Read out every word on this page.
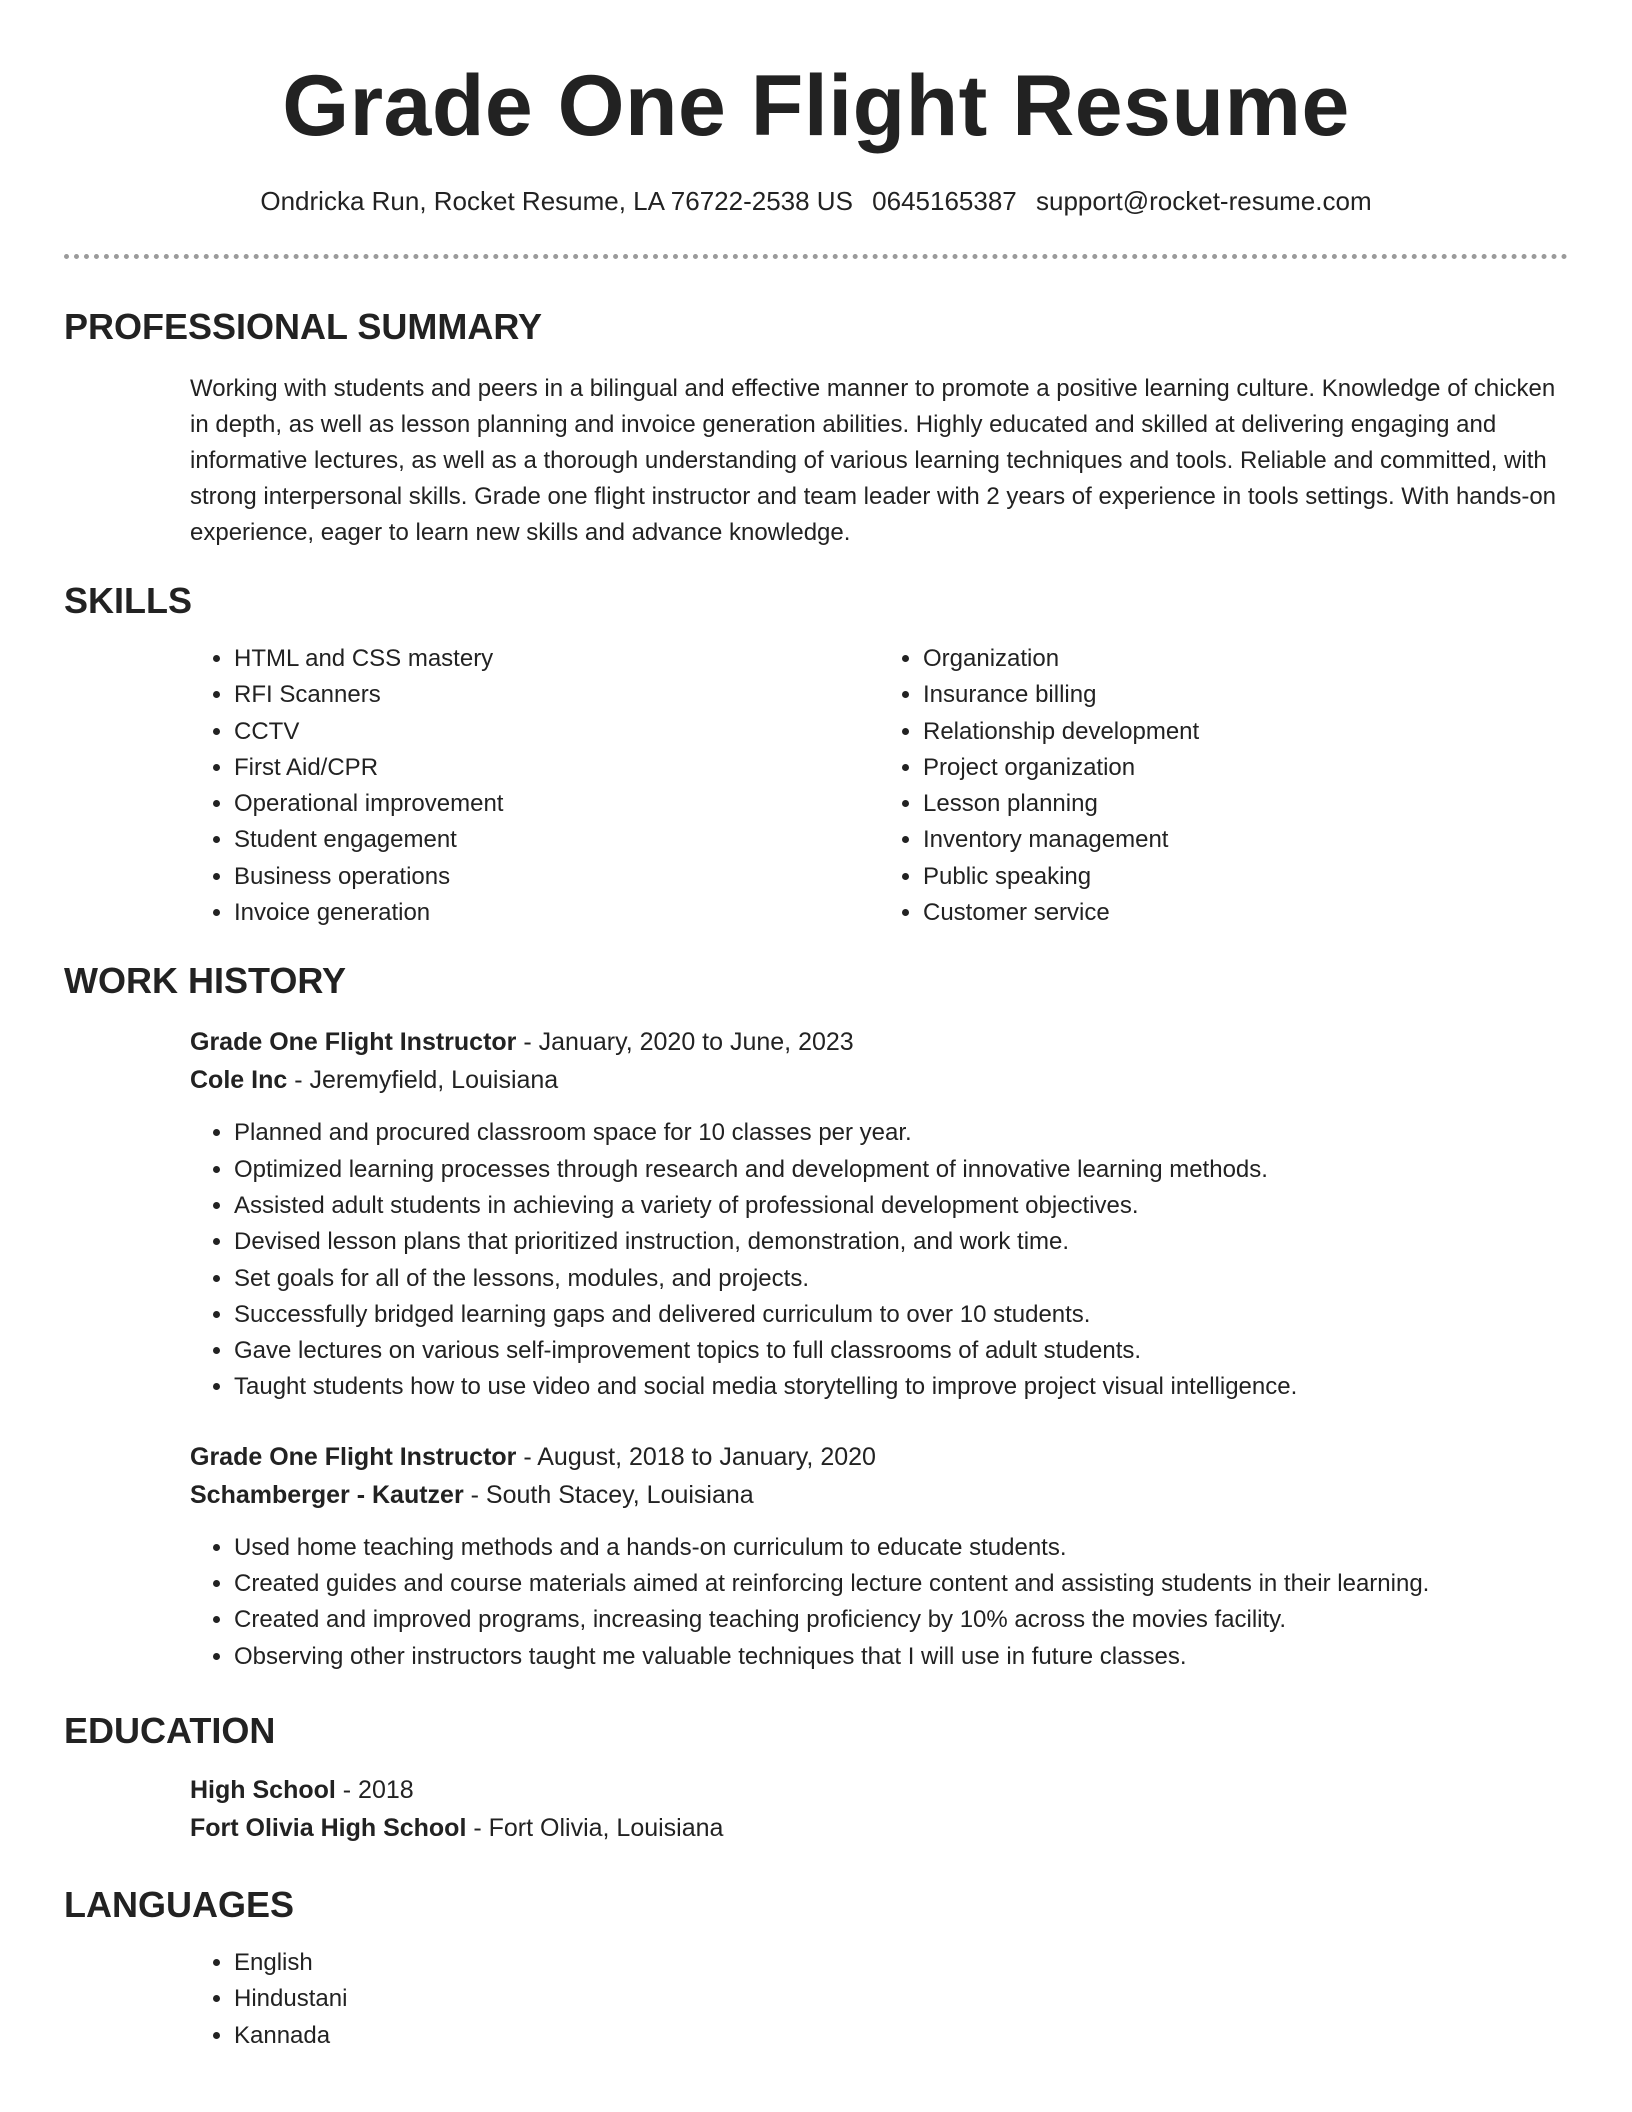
Grade One Flight Resume
Ondricka Run, Rocket Resume, LA 76722-2538 US 0645165387 support@rocket-resume.com
PROFESSIONAL SUMMARY

Working with students and peers in a bilingual and effective manner to promote a positive learning culture. Knowledge of chicken in depth, as well as lesson planning and invoice generation abilities. Highly educated and skilled at delivering engaging and informative lectures, as well as a thorough understanding of various learning techniques and tools. Reliable and committed, with strong interpersonal skills. Grade one flight instructor and team leader with 2 years of experience in tools settings. With hands-on experience, eager to learn new skills and advance knowledge.

SKILLS
• HTML and CSS mastery
• RFI Scanners
• CCTV
• First Aid/CPR
• Operational improvement
• Student engagement
• Business operations
• Invoice generation
• Organization
• Insurance billing
• Relationship development
• Project organization
• Lesson planning
• Inventory management
• Public speaking
• Customer service
WORK HISTORY
Grade One Flight Instructor - January, 2020 to June, 2023
Cole Inc - Jeremyfield, Louisiana
• Planned and procured classroom space for 10 classes per year.
• Optimized learning processes through research and development of innovative learning methods.
• Assisted adult students in achieving a variety of professional development objectives.
• Devised lesson plans that prioritized instruction, demonstration, and work time.
• Set goals for all of the lessons, modules, and projects.
• Successfully bridged learning gaps and delivered curriculum to over 10 students.
• Gave lectures on various self-improvement topics to full classrooms of adult students.
• Taught students how to use video and social media storytelling to improve project visual intelligence.
Grade One Flight Instructor - August, 2018 to January, 2020
Schamberger - Kautzer - South Stacey, Louisiana
• Used home teaching methods and a hands-on curriculum to educate students.
• Created guides and course materials aimed at reinforcing lecture content and assisting students in their learning.
• Created and improved programs, increasing teaching proficiency by 10% across the movies facility.
• Observing other instructors taught me valuable techniques that I will use in future classes.
EDUCATION
High School - 2018
Fort Olivia High School - Fort Olivia, Louisiana
LANGUAGES
• English
• Hindustani
• Kannada
